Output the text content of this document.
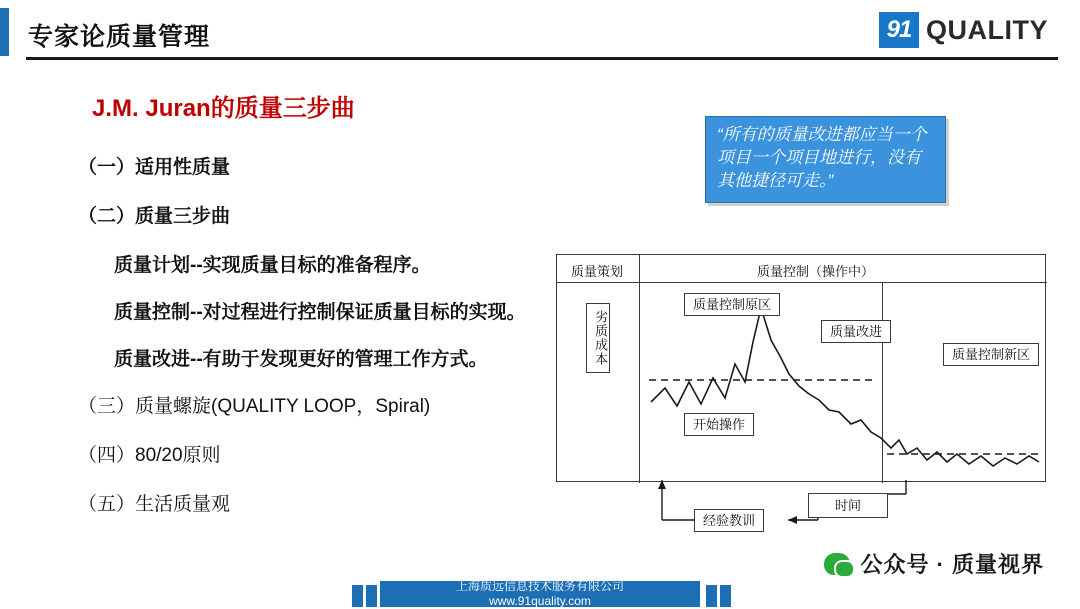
专家论质量管理	91 QUALITY
J.M. Juran的质量三步曲
（一）适用性质量
（二）质量三步曲
质量计划--实现质量目标的准备程序。
质量控制--对过程进行控制保证质量目标的实现。
质量改进--有助于发现更好的管理工作方式。
（三）质量螺旋(QUALITY LOOP，Spiral)
（四）80/20原则
（五）生活质量观
“所有的质量改进都应当一个项目一个项目地进行，没有其他捷径可走。”
质量策划	质量控制（操作中）
劣质成本
质量控制原区
质量改进
质量控制新区
开始操作
经验教训
时间
上海质远信息技术服务有限公司
www.91quality.com
公众号 · 质量视界
